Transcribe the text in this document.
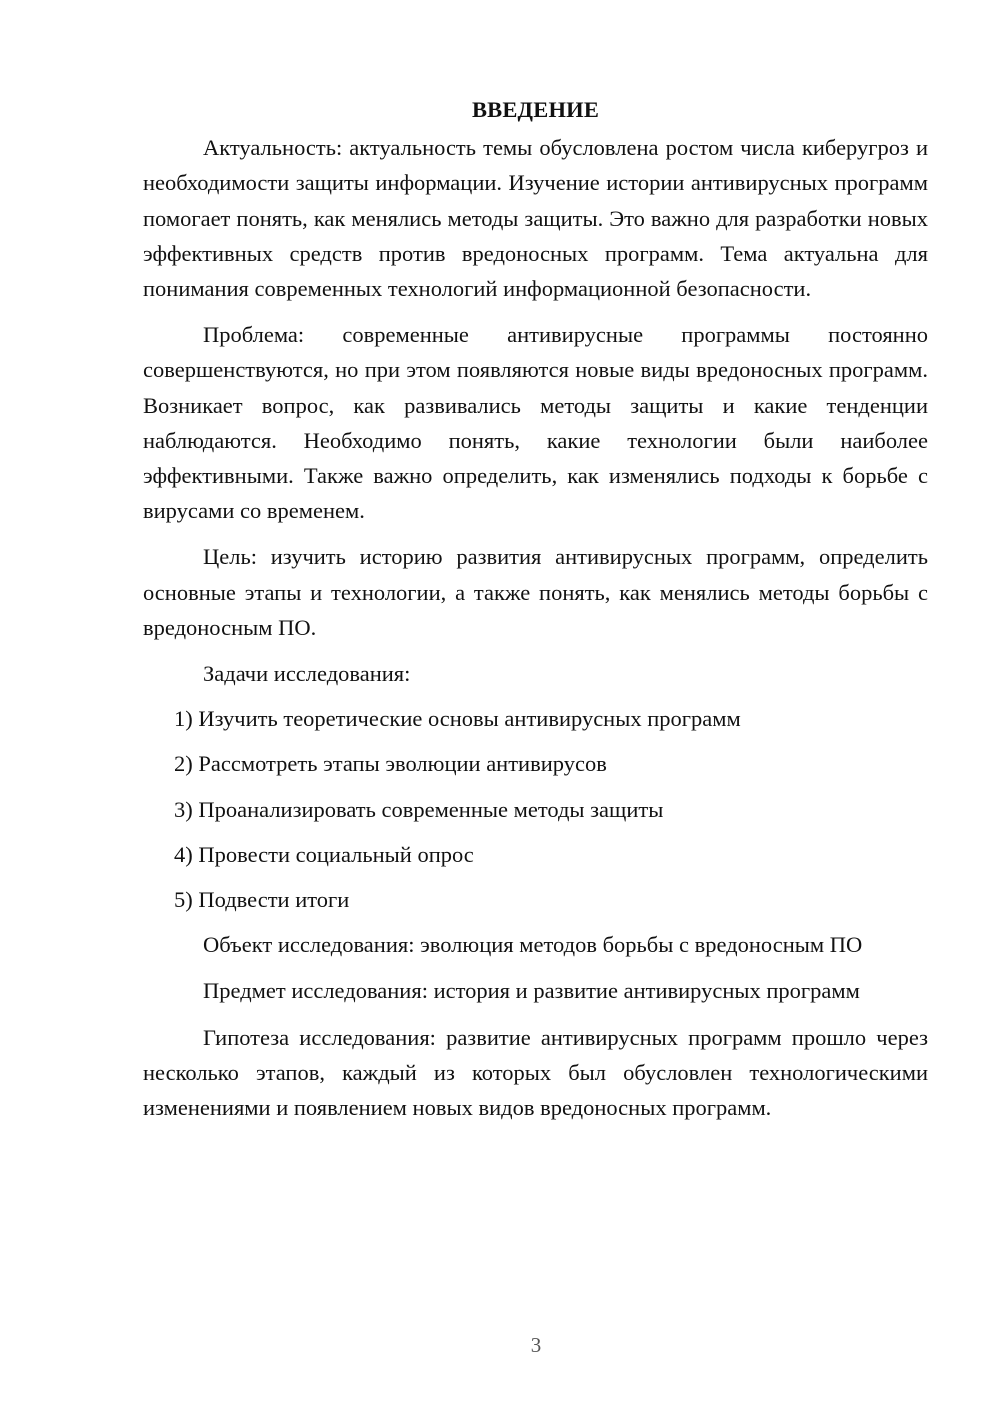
ВВЕДЕНИЕ

Актуальность: актуальность темы обусловлена ростом числа киберугроз и необходимости защиты информации. Изучение истории антивирусных программ помогает понять, как менялись методы защиты. Это важно для разработки новых эффективных средств против вредоносных программ. Тема актуальна для понимания современных технологий информационной безопасности.

Проблема: современные антивирусные программы постоянно совершенствуются, но при этом появляются новые виды вредоносных программ. Возникает вопрос, как развивались методы защиты и какие тенденции наблюдаются. Необходимо понять, какие технологии были наиболее эффективными. Также важно определить, как изменялись подходы к борьбе с вирусами со временем.

Цель: изучить историю развития антивирусных программ, определить основные этапы и технологии, а также понять, как менялись методы борьбы с вредоносным ПО.

Задачи исследования:
1) Изучить теоретические основы антивирусных программ
2) Рассмотреть этапы эволюции антивирусов
3) Проанализировать современные методы защиты
4) Провести социальный опрос
5) Подвести итоги

Объект исследования: эволюция методов борьбы с вредоносным ПО

Предмет исследования: история и развитие антивирусных программ

Гипотеза исследования: развитие антивирусных программ прошло через несколько этапов, каждый из которых был обусловлен технологическими изменениями и появлением новых видов вредоносных программ.

3
